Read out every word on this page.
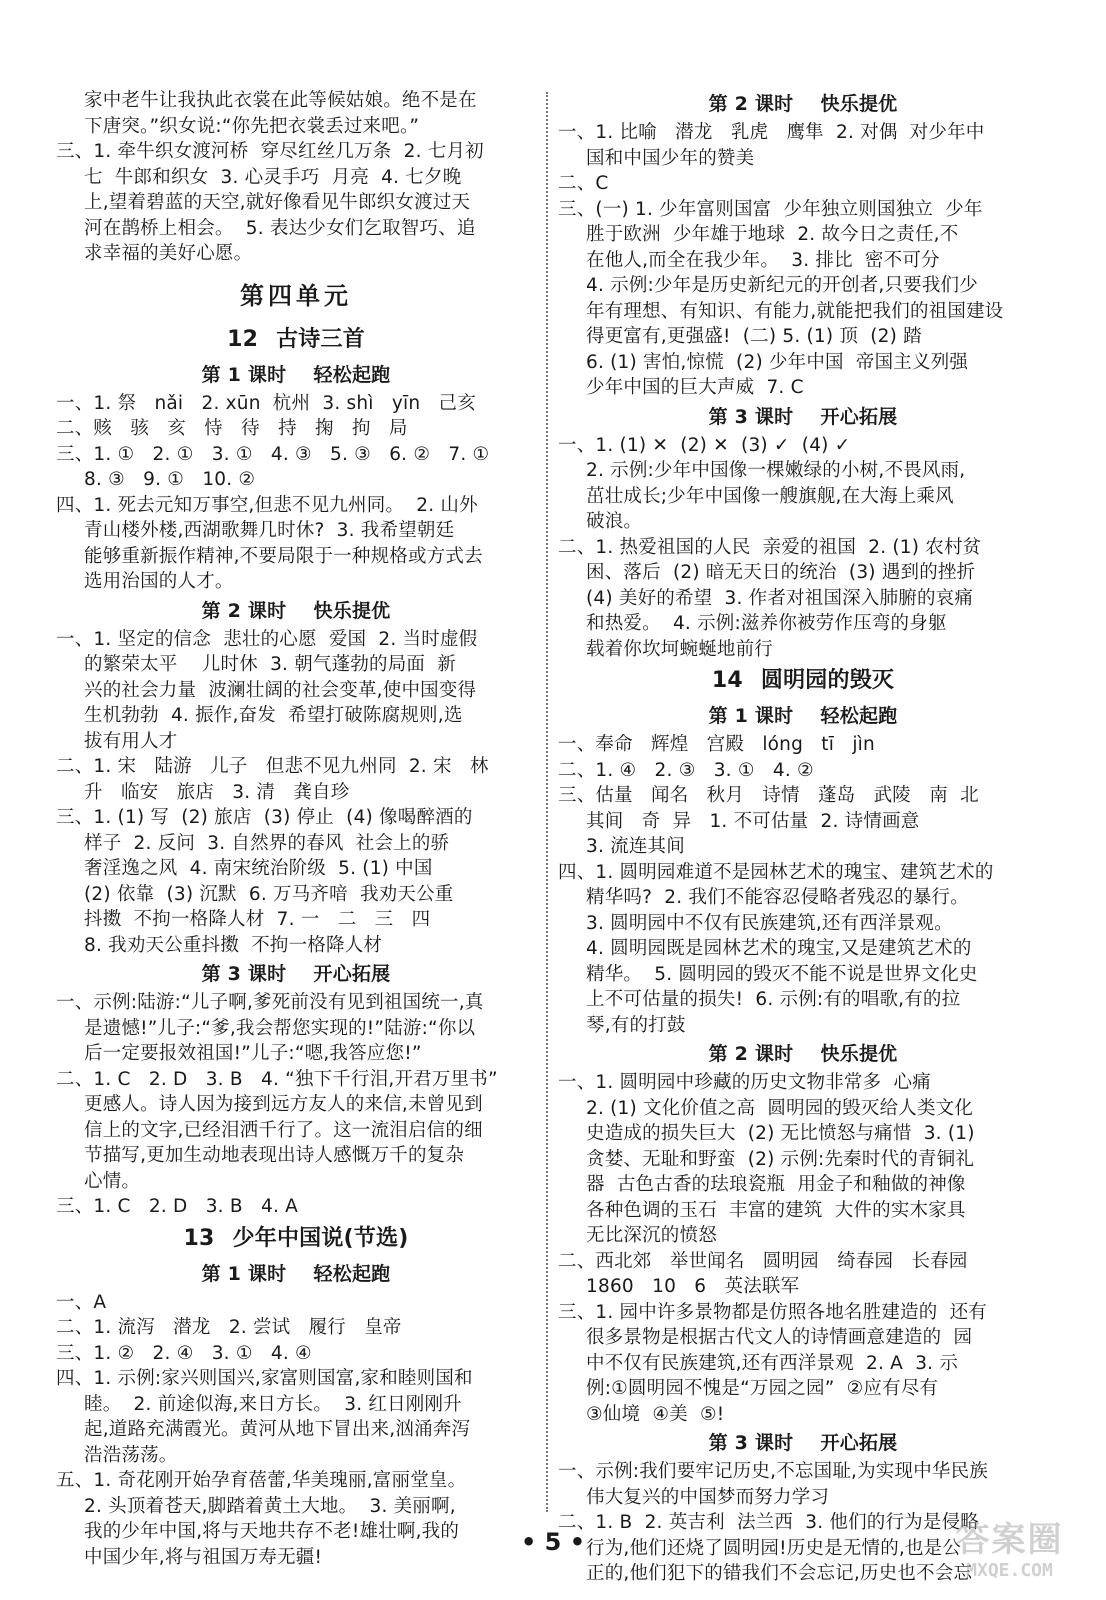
家中老牛让我执此衣裳在此等候姑娘。绝不是在
下唐突。”织女说:“你先把衣裳丢过来吧。”
三、1. 牵牛织女渡河桥  穿尽红丝几万条  2. 七月初
七  牛郎和织女  3. 心灵手巧  月亮  4. 七夕晚
上,望着碧蓝的天空,就好像看见牛郎织女渡过天
河在鹊桥上相会。  5. 表达少女们乞取智巧、追
求幸福的美好心愿。
第四单元
12 古诗三首
第 1 课时    轻松起跑
一、1. 祭   nǎi   2. xūn  杭州  3. shì   yīn   己亥
二、赅   骇   亥   恃   待   持   掬   拘   局
三、1. ①   2. ①   3. ①   4. ③   5. ③   6. ②   7. ①
8. ③   9. ①   10. ②
四、1. 死去元知万事空,但悲不见九州同。  2. 山外
青山楼外楼,西湖歌舞几时休?  3. 我希望朝廷
能够重新振作精神,不要局限于一种规格或方式去
选用治国的人才。
第 2 课时    快乐提优
一、1. 坚定的信念  悲壮的心愿  爱国  2. 当时虚假
的繁荣太平    儿时休  3. 朝气蓬勃的局面  新
兴的社会力量  波澜壮阔的社会变革,使中国变得
生机勃勃  4. 振作,奋发  希望打破陈腐规则,选
拔有用人才
二、1. 宋   陆游   儿子   但悲不见九州同  2. 宋   林
升   临安   旅店   3. 清   龚自珍
三、1. (1) 写  (2) 旅店  (3) 停止  (4) 像喝醉酒的
样子  2. 反问  3. 自然界的春风  社会上的骄
奢淫逸之风  4. 南宋统治阶级  5. (1) 中国
(2) 依靠  (3) 沉默  6. 万马齐喑  我劝天公重
抖擞  不拘一格降人材  7. 一   二   三   四
8. 我劝天公重抖擞  不拘一格降人材
第 3 课时    开心拓展
一、示例:陆游:“儿子啊,爹死前没有见到祖国统一,真
是遗憾!”儿子:“爹,我会帮您实现的!”陆游:“你以
后一定要报效祖国!”儿子:“嗯,我答应您!”
二、1. C   2. D   3. B   4. “独下千行泪,开君万里书”
更感人。诗人因为接到远方友人的来信,未曾见到
信上的文字,已经泪洒千行了。这一流泪启信的细
节描写,更加生动地表现出诗人感慨万千的复杂
心情。
三、1. C   2. D   3. B   4. A
13 少年中国说(节选)
第 1 课时    轻松起跑
一、A
二、1. 流泻   潜龙   2. 尝试   履行   皇帝
三、1. ②   2. ④   3. ①   4. ④
四、1. 示例:家兴则国兴,家富则国富,家和睦则国和
睦。  2. 前途似海,来日方长。  3. 红日刚刚升
起,道路充满霞光。黄河从地下冒出来,汹涌奔泻
浩浩荡荡。
五、1. 奇花刚开始孕育蓓蕾,华美瑰丽,富丽堂皇。
2. 头顶着苍天,脚踏着黄土大地。  3. 美丽啊,
我的少年中国,将与天地共存不老!雄壮啊,我的
中国少年,将与祖国万寿无疆!
第 2 课时    快乐提优
一、1. 比喻   潜龙   乳虎   鹰隼  2. 对偶  对少年中
国和中国少年的赞美
二、C
三、(一) 1. 少年富则国富  少年独立则国独立  少年
胜于欧洲  少年雄于地球  2. 故今日之责任,不
在他人,而全在我少年。  3. 排比  密不可分
4. 示例:少年是历史新纪元的开创者,只要我们少
年有理想、有知识、有能力,就能把我们的祖国建设
得更富有,更强盛!  (二) 5. (1) 顶  (2) 踏
6. (1) 害怕,惊慌  (2) 少年中国  帝国主义列强
少年中国的巨大声威  7. C
第 3 课时    开心拓展
一、1. (1) ✕  (2) ✕  (3) ✓  (4) ✓
2. 示例:少年中国像一棵嫩绿的小树,不畏风雨,
茁壮成长;少年中国像一艘旗舰,在大海上乘风
破浪。
二、1. 热爱祖国的人民  亲爱的祖国  2. (1) 农村贫
困、落后  (2) 暗无天日的统治  (3) 遇到的挫折
(4) 美好的希望  3. 作者对祖国深入肺腑的哀痛
和热爱。  4. 示例:滋养你被劳作压弯的身躯
载着你坎坷蜿蜒地前行
14 圆明园的毁灭
第 1 课时    轻松起跑
一、奉命   辉煌   宫殿   lóng   tī   jìn
二、1. ④   2. ③   3. ①   4. ②
三、估量   闻名   秋月   诗情   蓬岛   武陵   南  北
其间   奇  异   1. 不可估量  2. 诗情画意
3. 流连其间
四、1. 圆明园难道不是园林艺术的瑰宝、建筑艺术的
精华吗?  2. 我们不能容忍侵略者残忍的暴行。
3. 圆明园中不仅有民族建筑,还有西洋景观。
4. 圆明园既是园林艺术的瑰宝,又是建筑艺术的
精华。  5. 圆明园的毁灭不能不说是世界文化史
上不可估量的损失!  6. 示例:有的唱歌,有的拉
琴,有的打鼓
第 2 课时    快乐提优
一、1. 圆明园中珍藏的历史文物非常多  心痛
2. (1) 文化价值之高  圆明园的毁灭给人类文化
史造成的损失巨大  (2) 无比愤怒与痛惜  3. (1)
贪婪、无耻和野蛮  (2) 示例:先秦时代的青铜礼
器  古色古香的珐琅瓷瓶  用金子和釉做的神像
各种色调的玉石  丰富的建筑  大件的实木家具
无比深沉的愤怒
二、西北郊   举世闻名   圆明园   绮春园   长春园
1860   10   6   英法联军
三、1. 园中许多景物都是仿照各地名胜建造的  还有
很多景物是根据古代文人的诗情画意建造的  园
中不仅有民族建筑,还有西洋景观  2. A  3. 示
例:①圆明园不愧是“万园之园”  ②应有尽有
③仙境  ④美  ⑤!
第 3 课时    开心拓展
一、示例:我们要牢记历史,不忘国耻,为实现中华民族
伟大复兴的中国梦而努力学习
二、1. B  2. 英吉利  法兰西  3. 他们的行为是侵略
行为,他们还烧了圆明园!历史是无情的,也是公
正的,他们犯下的错我们不会忘记,历史也不会忘
• 5 •	答案圈
MXQE.COM
